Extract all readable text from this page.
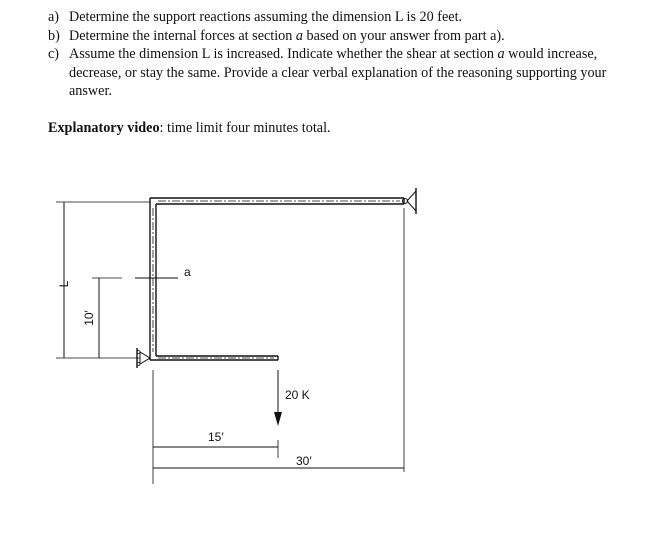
a) Determine the support reactions assuming the dimension L is 20 feet.
b) Determine the internal forces at section a based on your answer from part a).
c) Assume the dimension L is increased. Indicate whether the shear at section a would increase, decrease, or stay the same. Provide a clear verbal explanation of the reasoning supporting your
answer.
Explanatory video: time limit four minutes total.
L
10′
a
20 K
15′
30′
